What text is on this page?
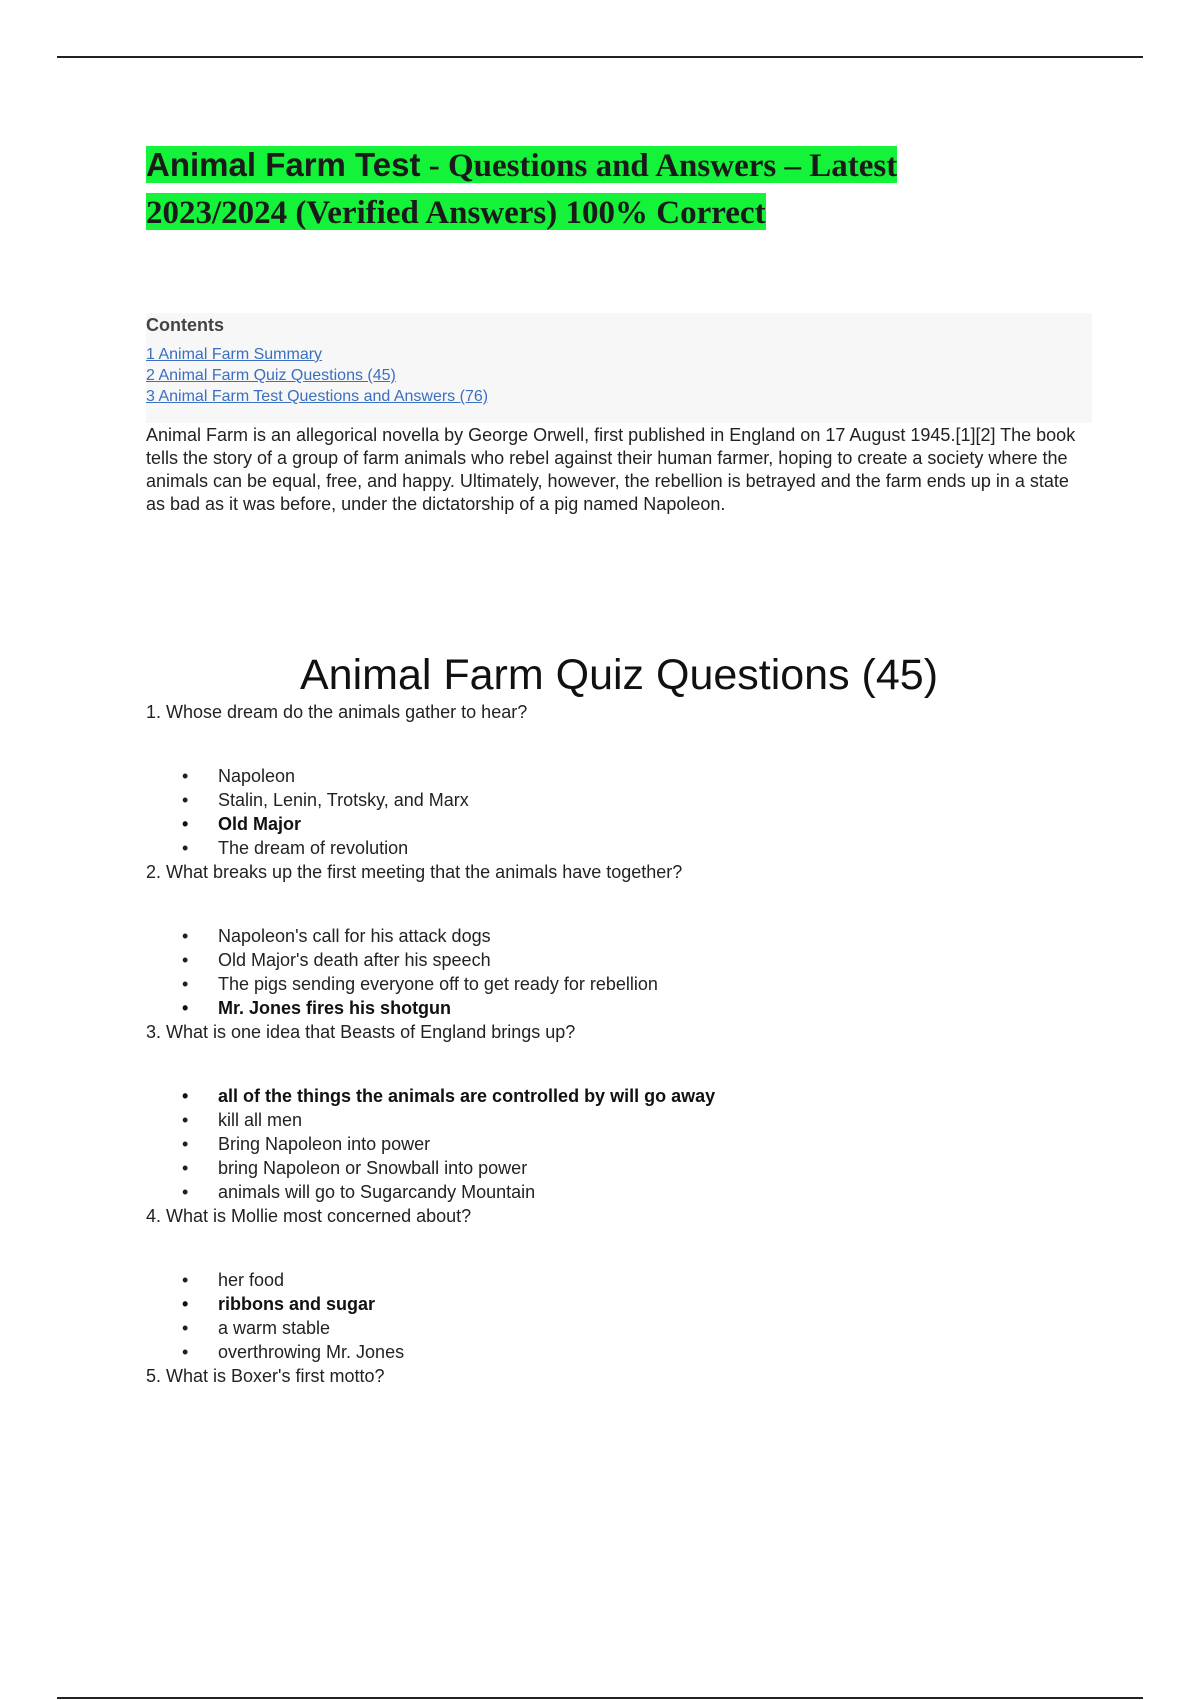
Animal Farm Test - Questions and Answers – Latest 2023/2024 (Verified Answers) 100% Correct
Contents
1 Animal Farm Summary
2 Animal Farm Quiz Questions (45)
3 Animal Farm Test Questions and Answers (76)

Animal Farm is an allegorical novella by George Orwell, first published in England on 17 August 1945.[1][2] The book tells the story of a group of farm animals who rebel against their human farmer, hoping to create a society where the animals can be equal, free, and happy. Ultimately, however, the rebellion is betrayed and the farm ends up in a state as bad as it was before, under the dictatorship of a pig named Napoleon.

Animal Farm Quiz Questions (45)

1. Whose dream do the animals gather to hear?

• Napoleon
• Stalin, Lenin, Trotsky, and Marx
• Old Major
• The dream of revolution

2. What breaks up the first meeting that the animals have together?

• Napoleon's call for his attack dogs
• Old Major's death after his speech
• The pigs sending everyone off to get ready for rebellion
• Mr. Jones fires his shotgun

3. What is one idea that Beasts of England brings up?

• all of the things the animals are controlled by will go away
• kill all men
• Bring Napoleon into power
• bring Napoleon or Snowball into power
• animals will go to Sugarcandy Mountain

4. What is Mollie most concerned about?

• her food
• ribbons and sugar
• a warm stable
• overthrowing Mr. Jones

5. What is Boxer's first motto?
